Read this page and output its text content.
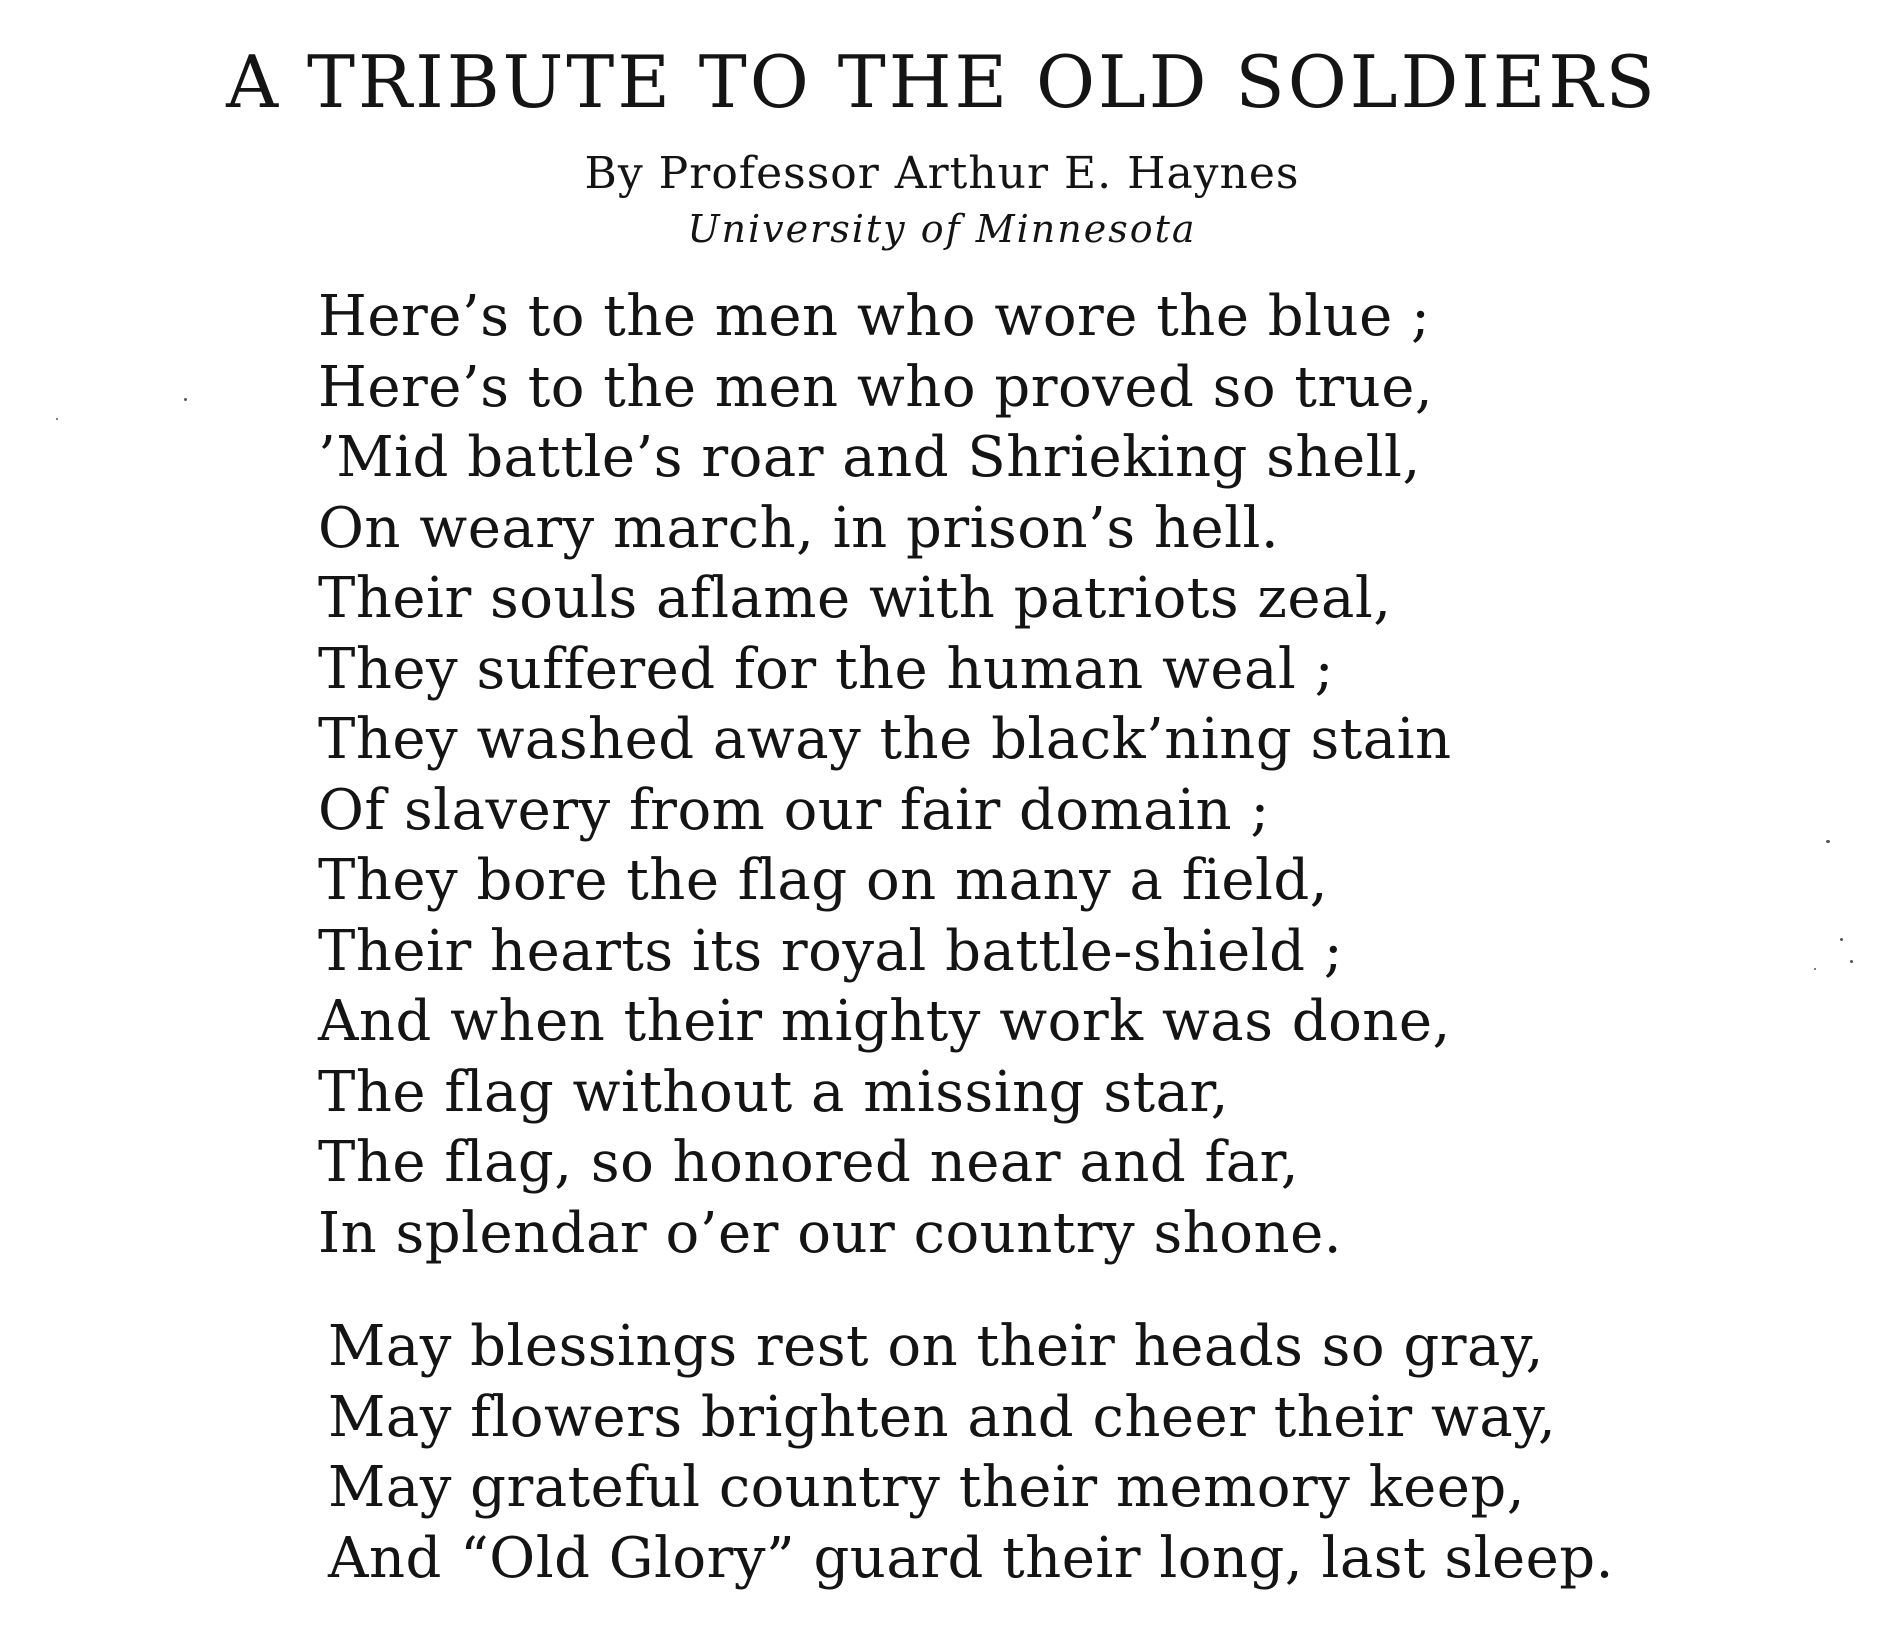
A TRIBUTE TO THE OLD SOLDIERS
By Professor Arthur E. Haynes
University of Minnesota
Here’s to the men who wore the blue ;
Here’s to the men who proved so true,
’Mid battle’s roar and Shrieking shell,
On weary march, in prison’s hell.
Their souls aflame with patriots zeal,
They suffered for the human weal ;
They washed away the black’ning stain
Of slavery from our fair domain ;
They bore the flag on many a field,
Their hearts its royal battle-shield ;
And when their mighty work was done,
The flag without a missing star,
The flag, so honored near and far,
In splendar o’er our country shone.
May blessings rest on their heads so gray,
May flowers brighten and cheer their way,
May grateful country their memory keep,
And “Old Glory” guard their long, last sleep.
